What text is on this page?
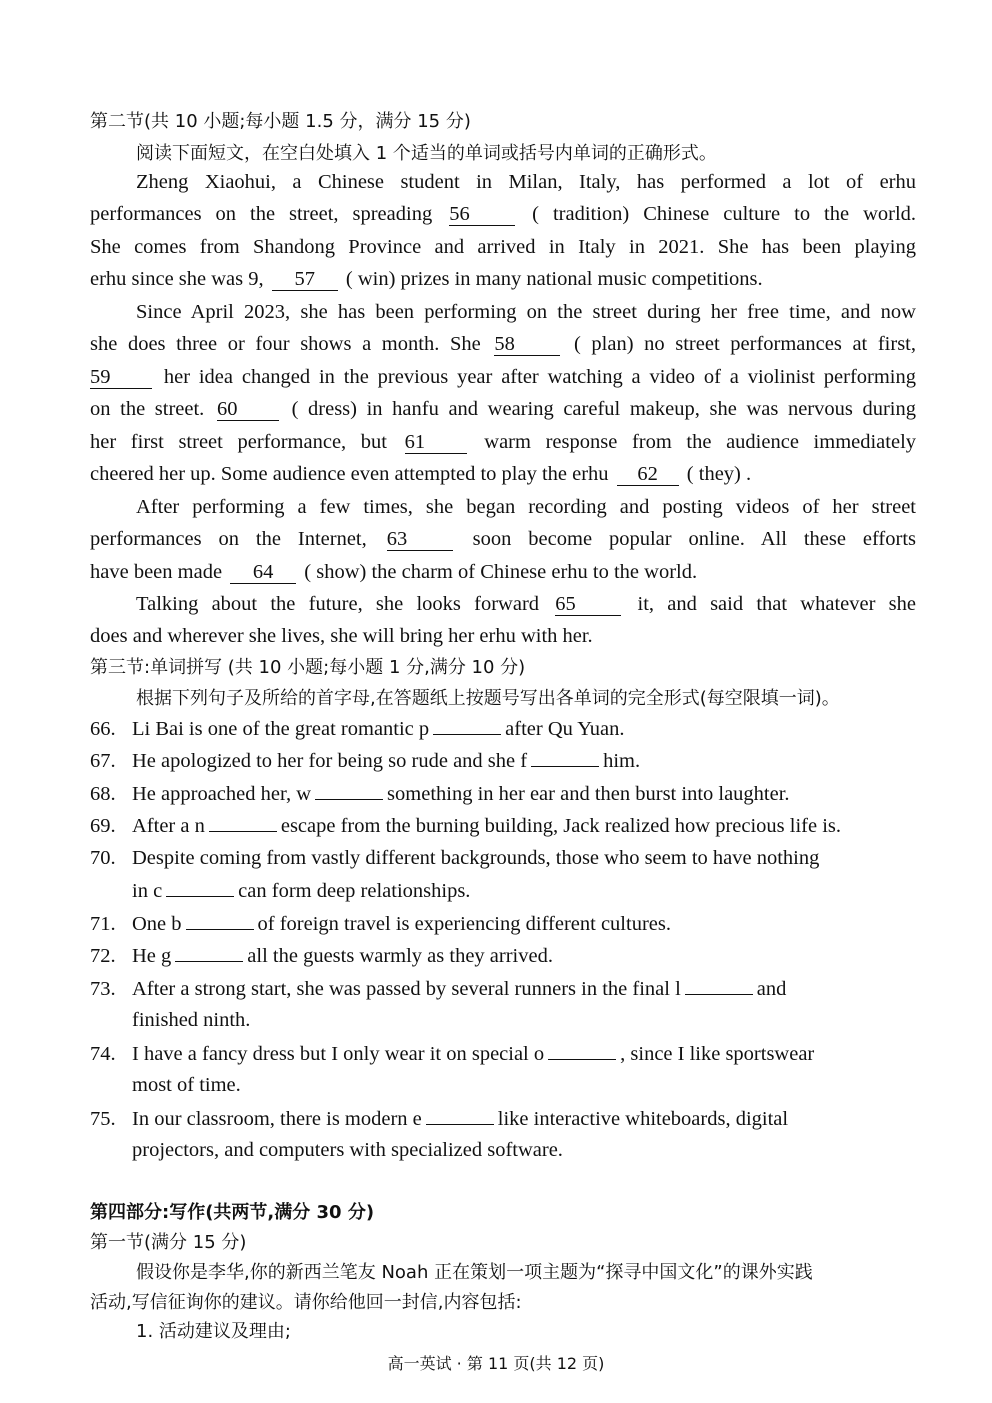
第二节(共 10 小题;每小题 1.5 分，满分 15 分)
阅读下面短文，在空白处填入 1 个适当的单词或括号内单词的正确形式。
Zheng Xiaohui, a Chinese student in Milan, Italy, has performed a lot of erhu
performances on the street, spreading 56	( tradition) Chinese culture to the world.
She comes from Shandong Province and arrived in Italy in 2021. She has been playing
erhu since she was 9, 57 ( win) prizes in many national music competitions.
Since April 2023, she has been performing on the street during her free time, and now
she does three or four shows a month. She 58	( plan) no street performances at first,
59	her idea changed in the previous year after watching a video of a violinist performing
on the street. 60	( dress) in hanfu and wearing careful makeup, she was nervous during
her first street performance, but 61	warm response from the audience immediately
cheered her up. Some audience even attempted to play the erhu 62 ( they) .
After performing a few times, she began recording and posting videos of her street
performances on the Internet, 63	soon become popular online. All these efforts
have been made 64 ( show) the charm of Chinese erhu to the world.
Talking about the future, she looks forward 65	it, and said that whatever she
does and wherever she lives, she will bring her erhu with her.
第三节:单词拼写 (共 10 小题;每小题 1 分,满分 10 分)
根据下列句子及所给的首字母,在答题纸上按题号写出各单词的完全形式(每空限填一词)。
66. Li Bai is one of the great romantic p	after Qu Yuan.
67. He apologized to her for being so rude and she f	him.
68. He approached her, w	something in her ear and then burst into laughter.
69. After a n	escape from the burning building, Jack realized how precious life is.
70. Despite coming from vastly different backgrounds, those who seem to have nothing
in c	can form deep relationships.
71. One b	of foreign travel is experiencing different cultures.
72. He g	all the guests warmly as they arrived.
73. After a strong start, she was passed by several runners in the final l	and
finished ninth.
74. I have a fancy dress but I only wear it on special o	, since I like sportswear
most of time.
75. In our classroom, there is modern e	like interactive whiteboards, digital
projectors, and computers with specialized software.
第四部分:写作(共两节,满分 30 分)
第一节(满分 15 分)
假设你是李华,你的新西兰笔友 Noah 正在策划一项主题为“探寻中国文化”的课外实践
活动,写信征询你的建议。请你给他回一封信,内容包括:
1. 活动建议及理由;
高一英试 · 第 11 页(共 12 页)
